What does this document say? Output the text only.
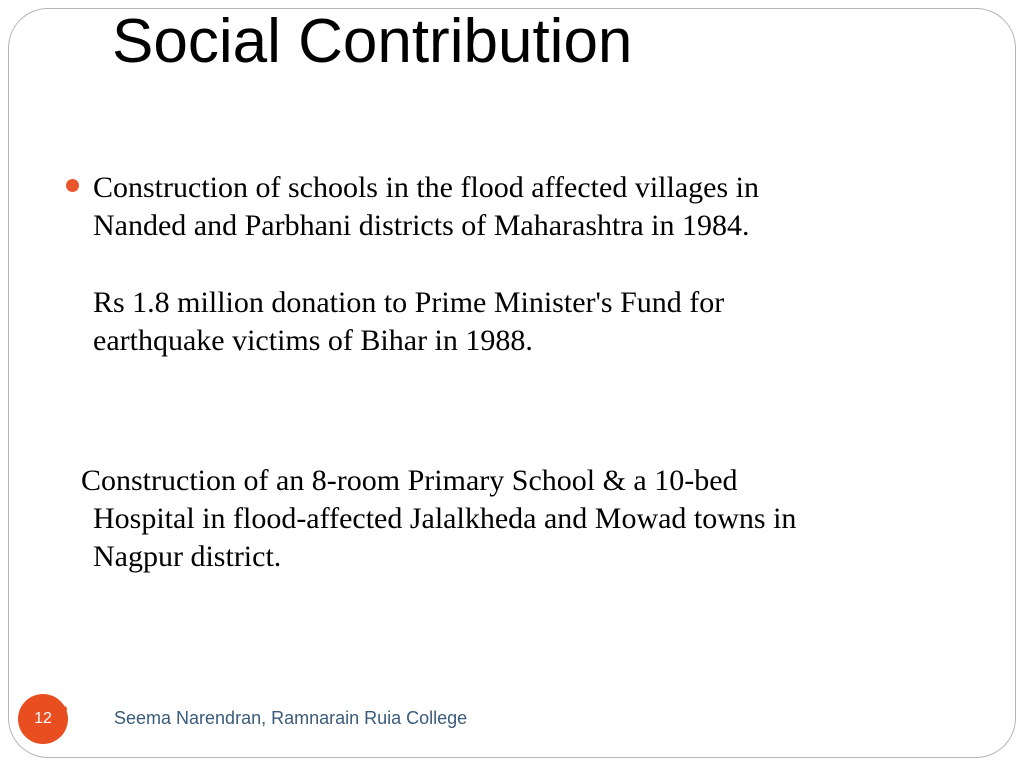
Social Contribution
Construction of schools in the flood affected villages in
Nanded and Parbhani districts of Maharashtra in 1984.
Rs 1.8 million donation to Prime Minister's Fund for
earthquake victims of Bihar in 1988.
Construction of an 8-room Primary School & a 10-bed
Hospital in flood-affected Jalalkheda and Mowad towns in
Nagpur district.
12	Seema Narendran, Ramnarain Ruia College
